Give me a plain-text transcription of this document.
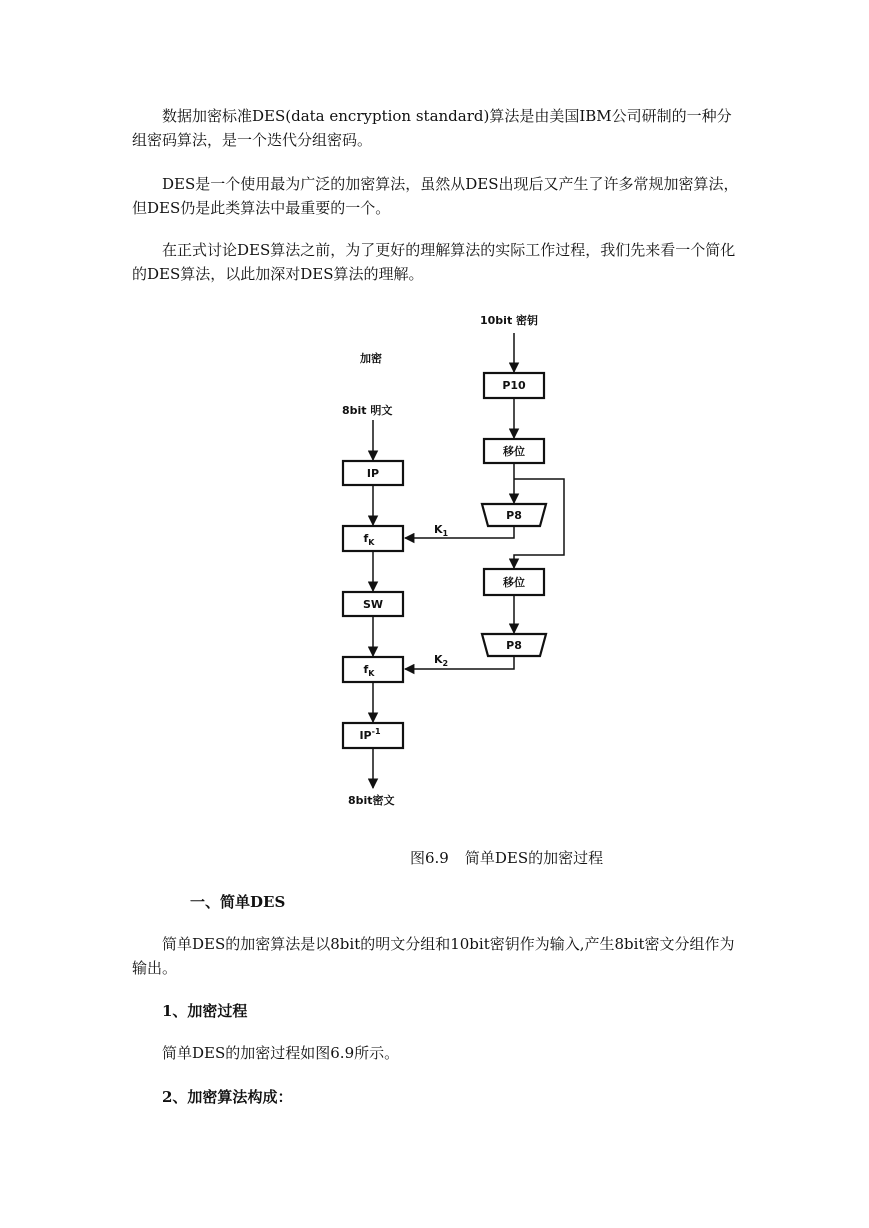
数据加密标准DES(data encryption standard)算法是由美国IBM公司研制的一种分组密码算法，是一个迭代分组密码。

DES是一个使用最为广泛的加密算法，虽然从DES出现后又产生了许多常规加密算法，但DES仍是此类算法中最重要的一个。

在正式讨论DES算法之前，为了更好的理解算法的实际工作过程，我们先来看一个简化的DES算法，以此加深对DES算法的理解。

加密
8bit 明文
10bit 密钥
8bit密文
IP
$f_K$
SW
$f_K$
$IP^{-1}$
P10
移位
P8
移位
P8
$K_1$
$K_2$

图6.9 简单DES的加密过程

一、简单DES

简单DES的加密算法是以8bit的明文分组和10bit密钥作为输入,产生8bit密文分组作为输出。

1、加密过程

简单DES的加密过程如图6.9所示。

2、加密算法构成：
